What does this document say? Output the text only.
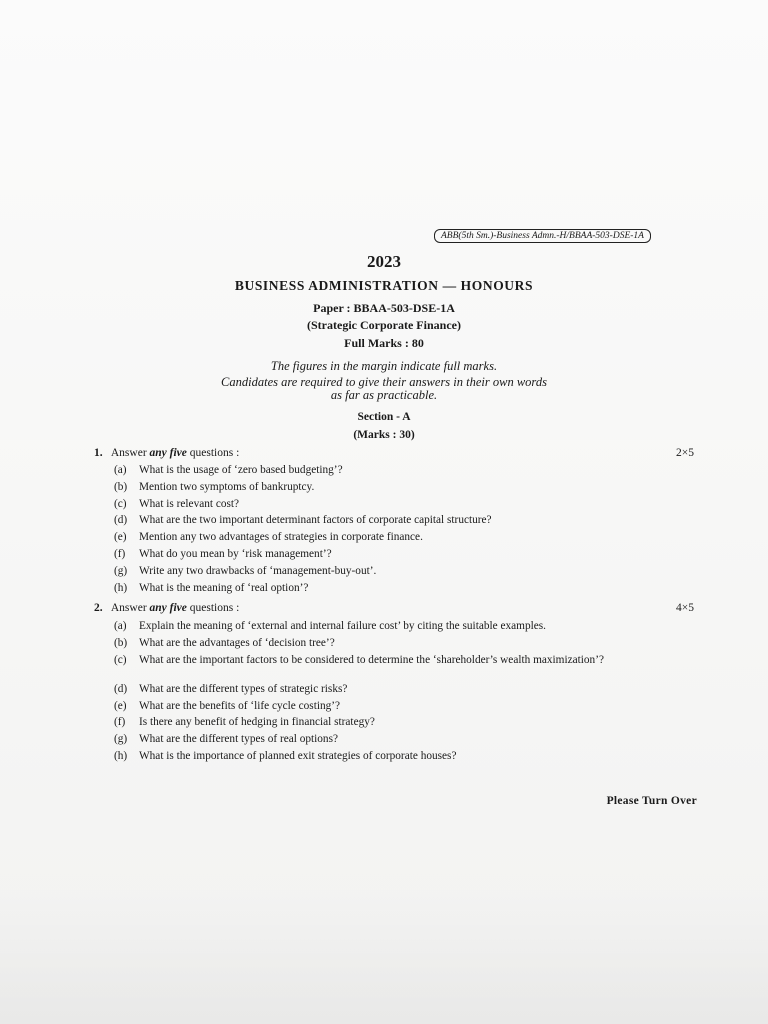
ABB(5th Sm.)-Business Admn.-H/BBAA-503-DSE-1A
2023
BUSINESS ADMINISTRATION — HONOURS
Paper : BBAA-503-DSE-1A
(Strategic Corporate Finance)
Full Marks : 80
The figures in the margin indicate full marks.
Candidates are required to give their answers in their own words
as far as practicable.
Section - A
(Marks : 30)
1. Answer any five questions :	2×5
(a)	What is the usage of ‘zero based budgeting’?
(b)	Mention two symptoms of bankruptcy.
(c)	What is relevant cost?
(d)	What are the two important determinant factors of corporate capital structure?
(e)	Mention any two advantages of strategies in corporate finance.
(f)	What do you mean by ‘risk management’?
(g)	Write any two drawbacks of ‘management-buy-out’.
(h)	What is the meaning of ‘real option’?
2. Answer any five questions :	4×5
(a)	Explain the meaning of ‘external and internal failure cost’ by citing the suitable examples.
(b)	What are the advantages of ‘decision tree’?
(c)	What are the important factors to be considered to determine the ‘shareholder’s wealth maximization’?
(d)	What are the different types of strategic risks?
(e)	What are the benefits of ‘life cycle costing’?
(f)	Is there any benefit of hedging in financial strategy?
(g)	What are the different types of real options?
(h)	What is the importance of planned exit strategies of corporate houses?
Please Turn Over
